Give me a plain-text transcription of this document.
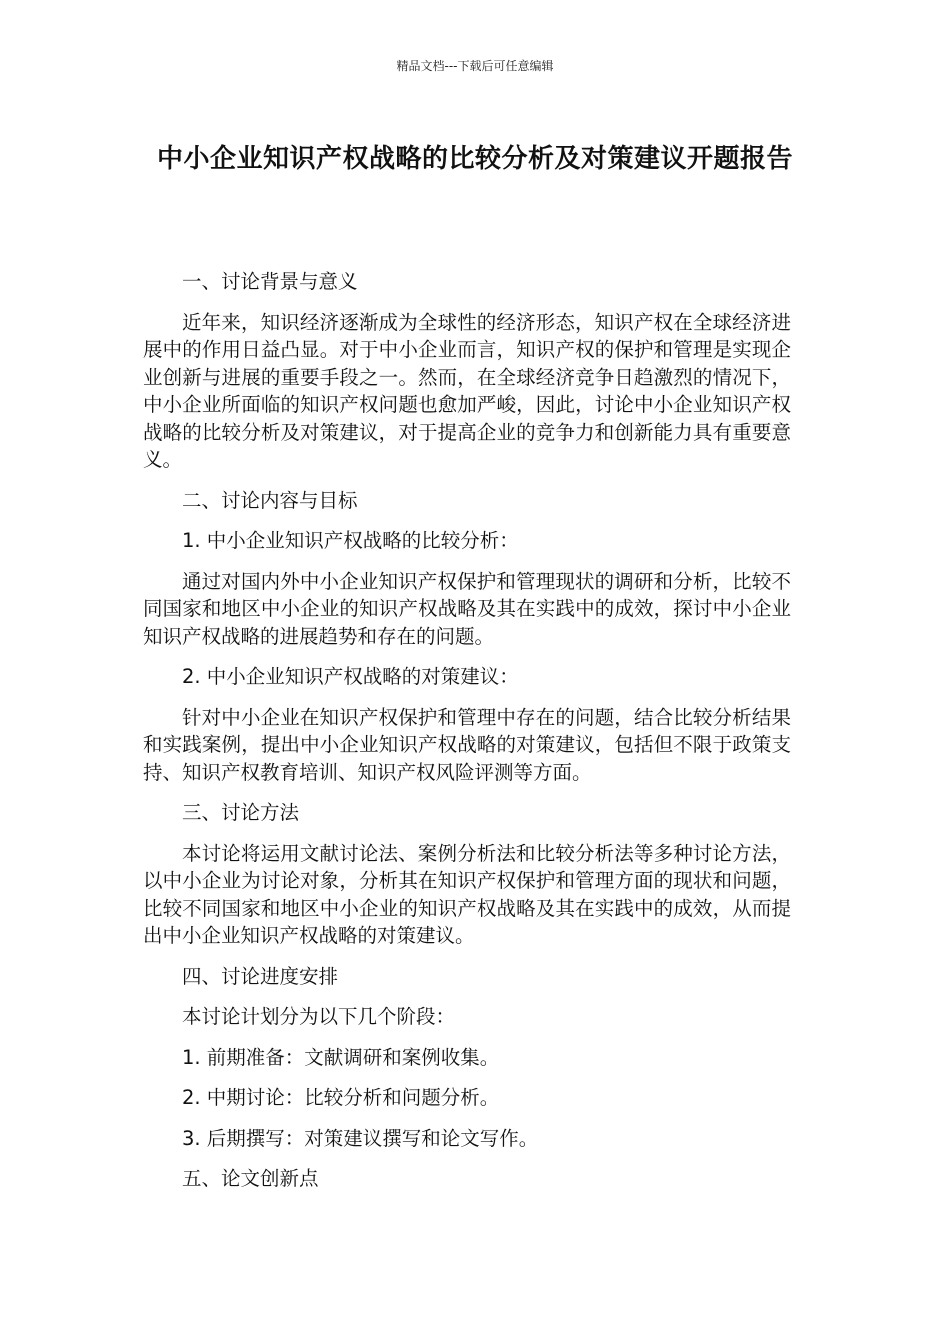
精品文档---下载后可任意编辑
中小企业知识产权战略的比较分析及对策建议开题报告

一、讨论背景与意义

近年来，知识经济逐渐成为全球性的经济形态，知识产权在全球经济进展中的作用日益凸显。对于中小企业而言，知识产权的保护和管理是实现企业创新与进展的重要手段之一。然而，在全球经济竞争日趋激烈的情况下，中小企业所面临的知识产权问题也愈加严峻，因此，讨论中小企业知识产权战略的比较分析及对策建议，对于提高企业的竞争力和创新能力具有重要意义。

二、讨论内容与目标

1. 中小企业知识产权战略的比较分析：

通过对国内外中小企业知识产权保护和管理现状的调研和分析，比较不同国家和地区中小企业的知识产权战略及其在实践中的成效，探讨中小企业知识产权战略的进展趋势和存在的问题。

2. 中小企业知识产权战略的对策建议：

针对中小企业在知识产权保护和管理中存在的问题，结合比较分析结果和实践案例，提出中小企业知识产权战略的对策建议，包括但不限于政策支持、知识产权教育培训、知识产权风险评测等方面。

三、讨论方法

本讨论将运用文献讨论法、案例分析法和比较分析法等多种讨论方法，以中小企业为讨论对象，分析其在知识产权保护和管理方面的现状和问题，比较不同国家和地区中小企业的知识产权战略及其在实践中的成效，从而提出中小企业知识产权战略的对策建议。

四、讨论进度安排

本讨论计划分为以下几个阶段：

1. 前期准备：文献调研和案例收集。

2. 中期讨论：比较分析和问题分析。

3. 后期撰写：对策建议撰写和论文写作。

五、论文创新点
